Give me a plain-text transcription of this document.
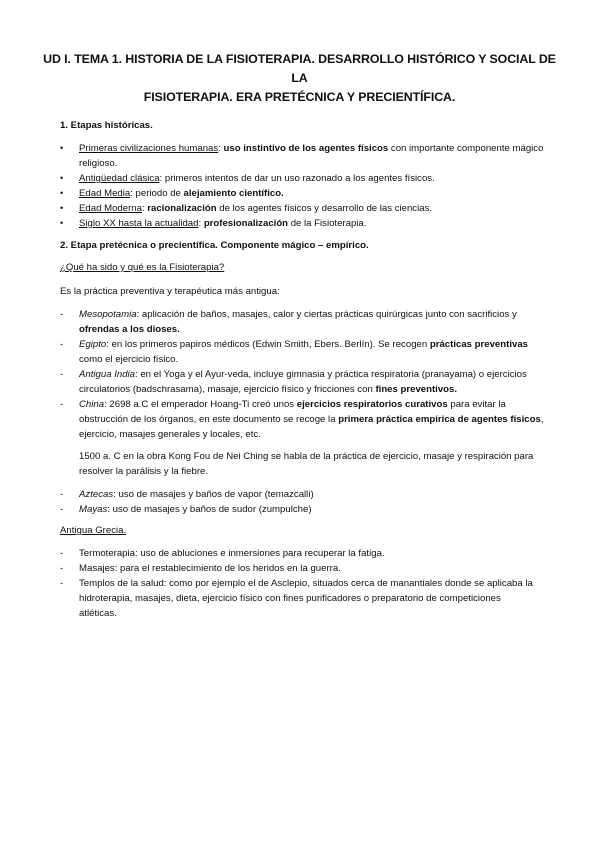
UD I. TEMA 1. HISTORIA DE LA FISIOTERAPIA. DESARROLLO HISTÓRICO Y SOCIAL DE LA
FISIOTERAPIA. ERA PRETÉCNICA Y PRECIENTÍFICA.
1. Etapas históricas.
• Primeras civilizaciones humanas: uso instintivo de los agentes físicos con importante componente mágico
religioso.
• Antigüedad clásica: primeros intentos de dar un uso razonado a los agentes físicos.
• Edad Media: periodo de alejamiento científico.
• Edad Moderna: racionalización de los agentes físicos y desarrollo de las ciencias.
• Siglo XX hasta la actualidad: profesionalización de la Fisioterapia.
2. Etapa pretécnica o precientífica. Componente mágico – empírico.
¿Qué ha sido y qué es la Fisioterapia?
Es la práctica preventiva y terapéutica más antigua:
- Mesopotamia: aplicación de baños, masajes, calor y ciertas prácticas quirúrgicas junto con sacrificios y
ofrendas a los dioses.
- Egipto: en los primeros papiros médicos (Edwin Smith, Ebers. Berlín). Se recogen prácticas preventivas
como el ejercicio físico.
- Antigua India: en el Yoga y el Ayur-veda, incluye gimnasia y práctica respiratoria (pranayama) o ejercicios
circulatorios (badschrasama), masaje, ejercicio físico y fricciones con fines preventivos.
- China: 2698 a.C el emperador Hoang-Ti creó unos ejercicios respiratorios curativos para evitar la
obstrucción de los órganos, en este documento se recoge la primera práctica empírica de agentes físicos,
ejercicio, masajes generales y locales, etc.
1500 a. C en la obra Kong Fou de Nei Ching se habla de la práctica de ejercicio, masaje y respiración para
resolver la parálisis y la fiebre.
- Aztecas: uso de masajes y baños de vapor (temazcalli)
- Mayas: uso de masajes y baños de sudor (zumpulche)
Antigua Grecia.
- Termoterapia: uso de abluciones e inmersiones para recuperar la fatiga.
- Masajes: para el restablecimiento de los heridos en la guerra.
- Templos de la salud: como por ejemplo el de Asclepio, situados cerca de manantiales donde se aplicaba la
hidroterapia, masajes, dieta, ejercicio físico con fines purificadores o preparatorio de competiciones
atléticas.
